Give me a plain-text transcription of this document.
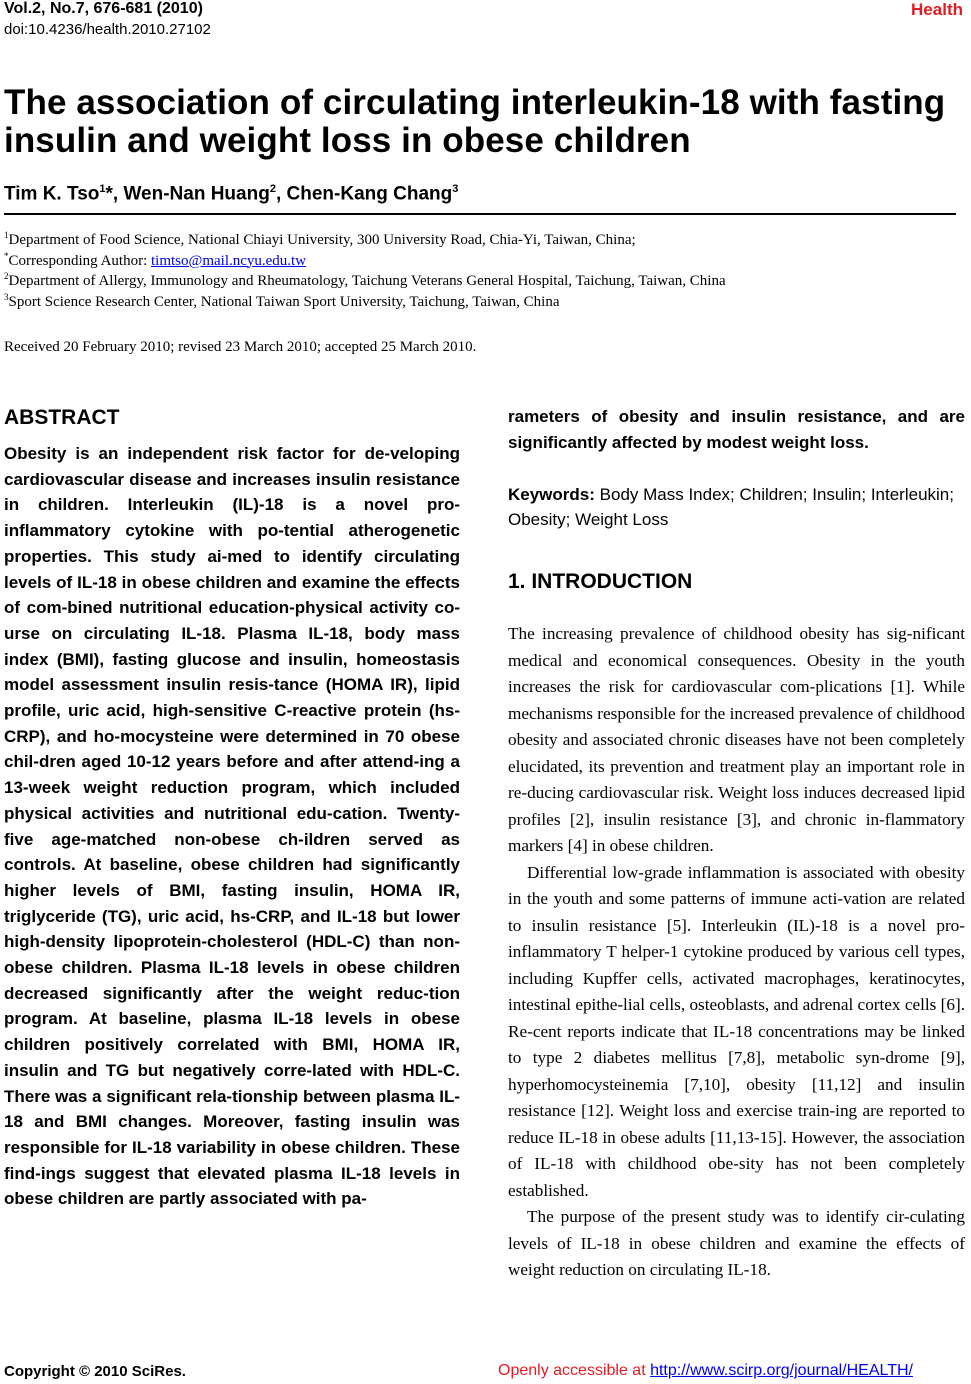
Vol.2, No.7, 676-681 (2010)
doi:10.4236/health.2010.27102
Health
The association of circulating interleukin-18 with fasting insulin and weight loss in obese children
Tim K. Tso$^1$*, Wen-Nan Huang$^2$, Chen-Kang Chang$^3$
$^1$Department of Food Science, National Chiayi University, 300 University Road, Chia-Yi, Taiwan, China;
*Corresponding Author: timtso@mail.ncyu.edu.tw
$^2$Department of Allergy, Immunology and Rheumatology, Taichung Veterans General Hospital, Taichung, Taiwan, China
$^3$Sport Science Research Center, National Taiwan Sport University, Taichung, Taiwan, China
Received 20 February 2010; revised 23 March 2010; accepted 25 March 2010.
ABSTRACT

Obesity is an independent risk factor for de-veloping cardiovascular disease and increases insulin resistance in children. Interleukin (IL)-18 is a novel pro-inflammatory cytokine with po-tential atherogenetic properties. This study ai-med to identify circulating levels of IL-18 in obese children and examine the effects of com-bined nutritional education-physical activity co-urse on circulating IL-18. Plasma IL-18, body mass index (BMI), fasting glucose and insulin, homeostasis model assessment insulin resis-tance (HOMA IR), lipid profile, uric acid, high-sensitive C-reactive protein (hs-CRP), and ho-mocysteine were determined in 70 obese chil-dren aged 10-12 years before and after attend-ing a 13-week weight reduction program, which included physical activities and nutritional edu-cation. Twenty-five age-matched non-obese ch-ildren served as controls. At baseline, obese children had significantly higher levels of BMI, fasting insulin, HOMA IR, triglyceride (TG), uric acid, hs-CRP, and IL-18 but lower high-density lipoprotein-cholesterol (HDL-C) than non-obese children. Plasma IL-18 levels in obese children decreased significantly after the weight reduc-tion program. At baseline, plasma IL-18 levels in obese children positively correlated with BMI, HOMA IR, insulin and TG but negatively corre-lated with HDL-C. There was a significant rela-tionship between plasma IL-18 and BMI changes. Moreover, fasting insulin was responsible for IL-18 variability in obese children. These find-ings suggest that elevated plasma IL-18 levels in obese children are partly associated with pa-

rameters of obesity and insulin resistance, and are significantly affected by modest weight loss.

Keywords: Body Mass Index; Children; Insulin; Interleukin; Obesity; Weight Loss

1. INTRODUCTION

The increasing prevalence of childhood obesity has sig-nificant medical and economical consequences. Obesity in the youth increases the risk for cardiovascular com-plications [1]. While mechanisms responsible for the increased prevalence of childhood obesity and associated chronic diseases have not been completely elucidated, its prevention and treatment play an important role in re-ducing cardiovascular risk. Weight loss induces decreased lipid profiles [2], insulin resistance [3], and chronic in-flammatory markers [4] in obese children.

Differential low-grade inflammation is associated with obesity in the youth and some patterns of immune acti-vation are related to insulin resistance [5]. Interleukin (IL)-18 is a novel pro-inflammatory T helper-1 cytokine produced by various cell types, including Kupffer cells, activated macrophages, keratinocytes, intestinal epithe-lial cells, osteoblasts, and adrenal cortex cells [6]. Re-cent reports indicate that IL-18 concentrations may be linked to type 2 diabetes mellitus [7,8], metabolic syn-drome [9], hyperhomocysteinemia [7,10], obesity [11,12] and insulin resistance [12]. Weight loss and exercise train-ing are reported to reduce IL-18 in obese adults [11,13-15]. However, the association of IL-18 with childhood obe-sity has not been completely established.

The purpose of the present study was to identify cir-culating levels of IL-18 in obese children and examine the effects of weight reduction on circulating IL-18.

Copyright © 2010 SciRes.	Openly accessible at http://www.scirp.org/journal/HEALTH/
